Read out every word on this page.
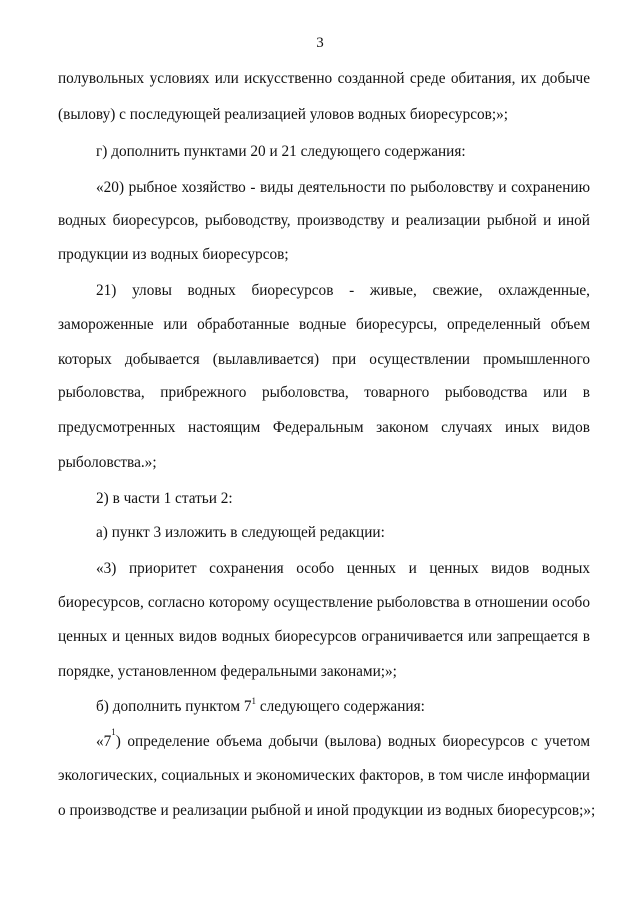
3
полувольных условиях или искусственно созданной среде обитания, их добыче
(вылову) с последующей реализацией уловов водных биоресурсов;»;
г) дополнить пунктами 20 и 21 следующего содержания:
«20) рыбное хозяйство - виды деятельности по рыболовству и сохранению
водных биоресурсов, рыбоводству, производству и реализации рыбной и иной
продукции из водных биоресурсов;
21) уловы водных биоресурсов - живые, свежие, охлажденные,
замороженные или обработанные водные биоресурсы, определенный объем
которых добывается (вылавливается) при осуществлении промышленного
рыболовства, прибрежного рыболовства, товарного рыбоводства или в
предусмотренных настоящим Федеральным законом случаях иных видов
рыболовства.»;
2) в части 1 статьи 2:
а) пункт 3 изложить в следующей редакции:
«3) приоритет сохранения особо ценных и ценных видов водных
биоресурсов, согласно которому осуществление рыболовства в отношении особо
ценных и ценных видов водных биоресурсов ограничивается или запрещается в
порядке, установленном федеральными законами;»;
б) дополнить пунктом $7^1$ следующего содержания:
«7
$^1$
) определение объема добычи (вылова) водных биоресурсов с учетом
экологических, социальных и экономических факторов, в том числе информации
о производстве и реализации рыбной и иной продукции из водных биоресурсов;»;
